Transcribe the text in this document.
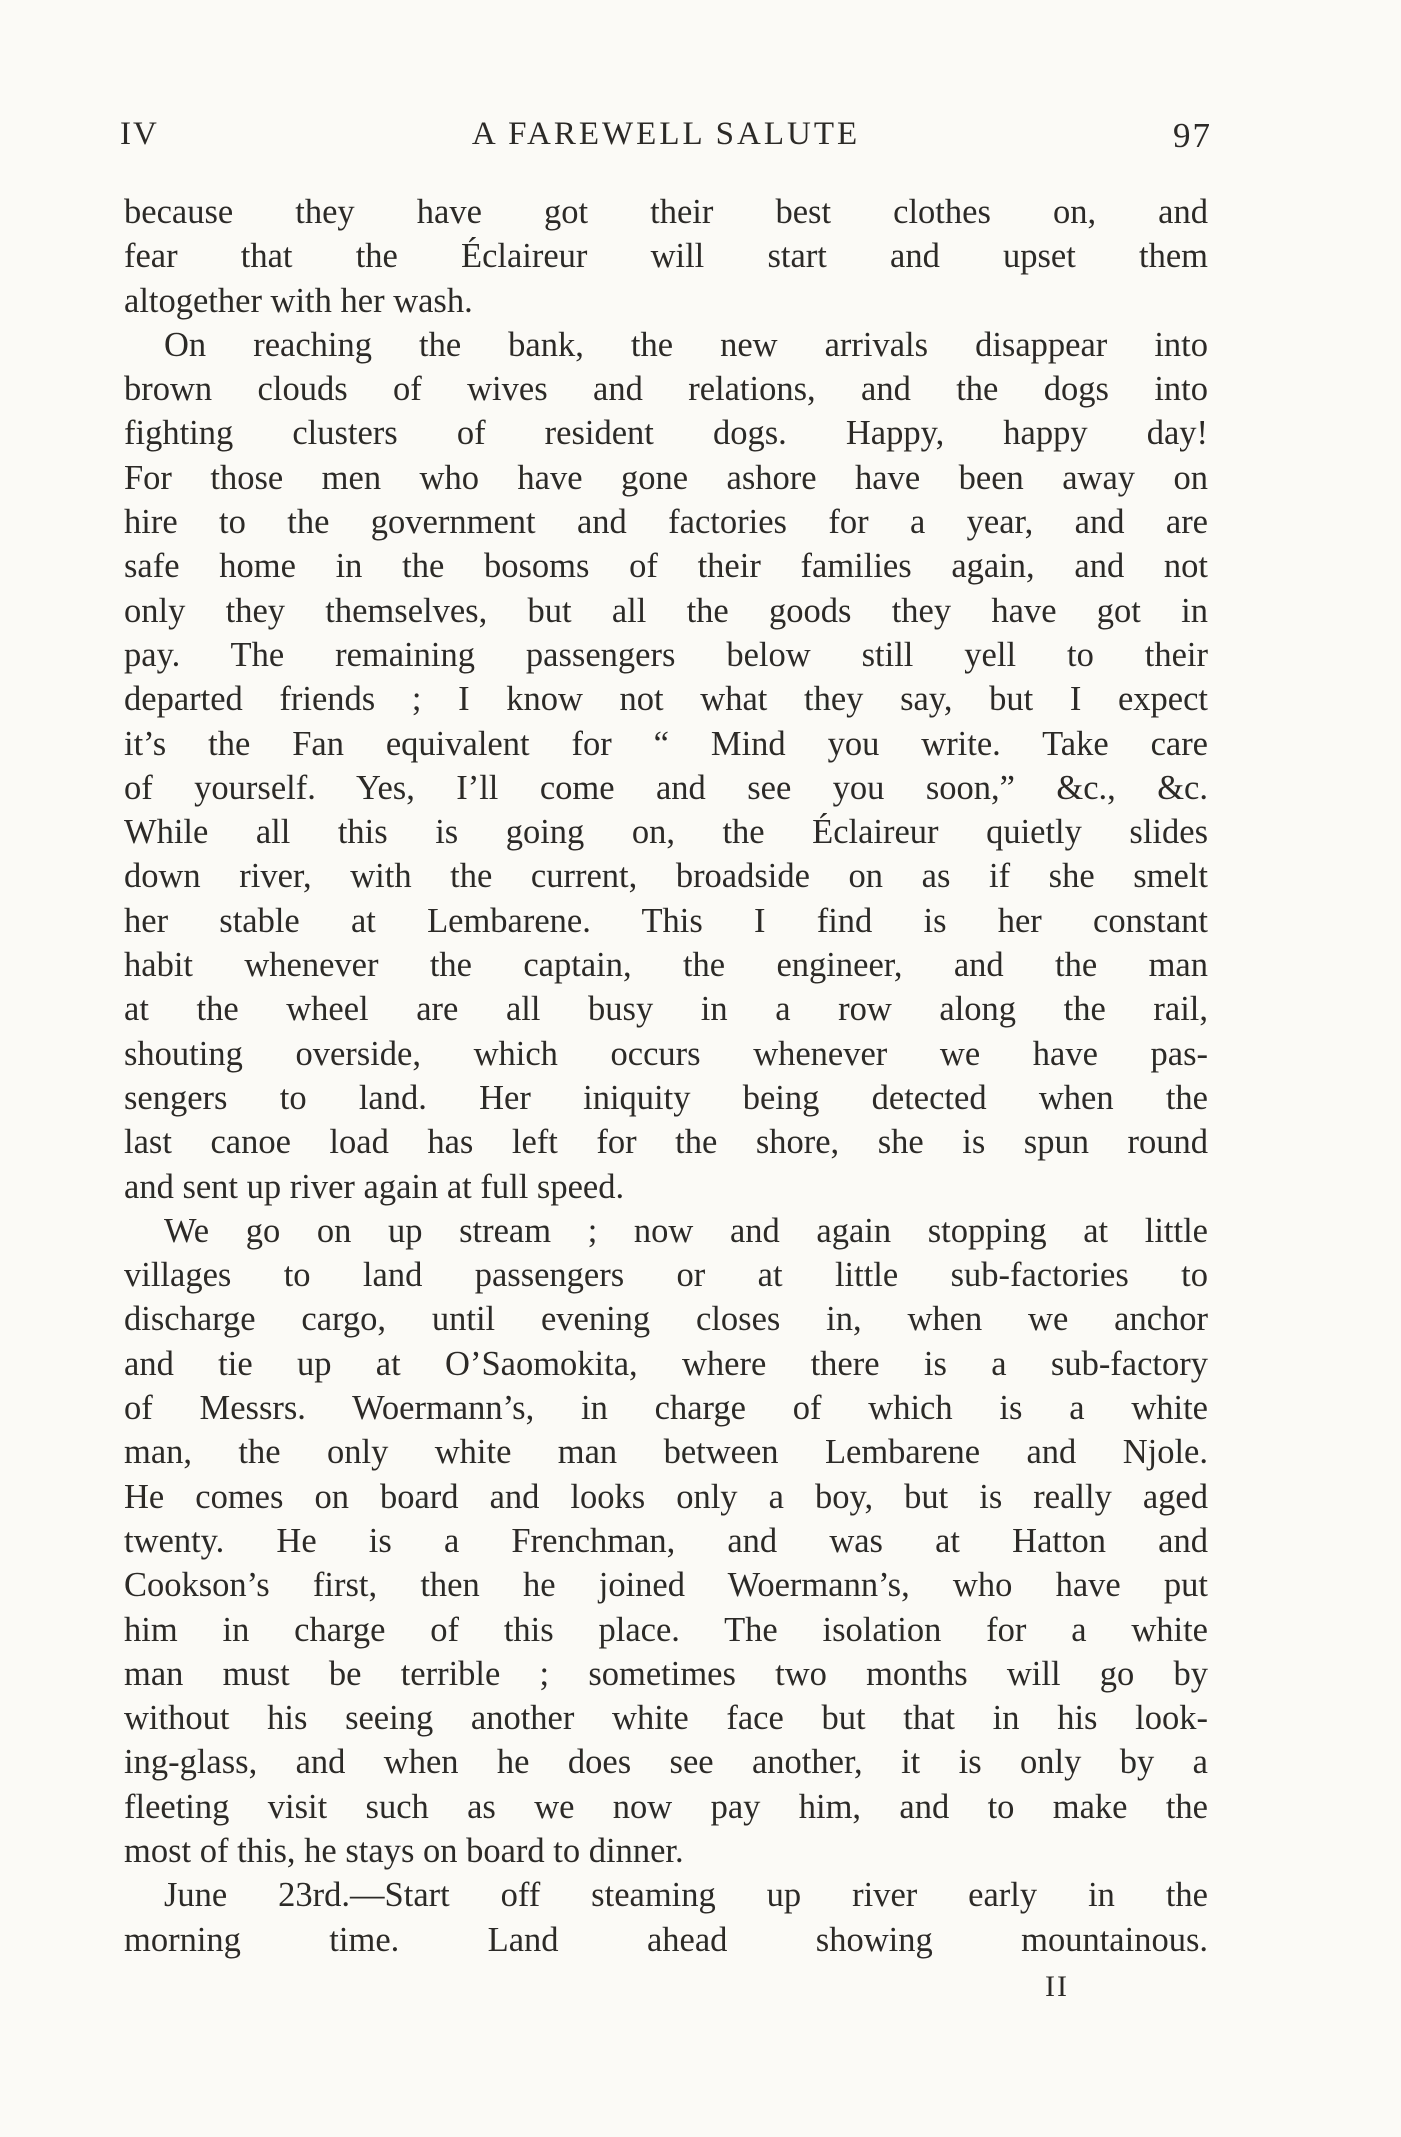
IV	A FAREWELL SALUTE	97
because they have got their best clothes on, and
fear that the Éclaireur will start and upset them
altogether with her wash.
On reaching the bank, the new arrivals disappear into
brown clouds of wives and relations, and the dogs into
fighting clusters of resident dogs. Happy, happy day!
For those men who have gone ashore have been away on
hire to the government and factories for a year, and are
safe home in the bosoms of their families again, and not
only they themselves, but all the goods they have got in
pay. The remaining passengers below still yell to their
departed friends ; I know not what they say, but I expect
it’s the Fan equivalent for “ Mind you write. Take care
of yourself. Yes, I’ll come and see you soon,” &c., &c.
While all this is going on, the Éclaireur quietly slides
down river, with the current, broadside on as if she smelt
her stable at Lembarene. This I find is her constant
habit whenever the captain, the engineer, and the man
at the wheel are all busy in a row along the rail,
shouting overside, which occurs whenever we have pas-
sengers to land. Her iniquity being detected when the
last canoe load has left for the shore, she is spun round
and sent up river again at full speed.
We go on up stream ; now and again stopping at little
villages to land passengers or at little sub-factories to
discharge cargo, until evening closes in, when we anchor
and tie up at O’Saomokita, where there is a sub-factory
of Messrs. Woermann’s, in charge of which is a white
man, the only white man between Lembarene and Njole.
He comes on board and looks only a boy, but is really aged
twenty. He is a Frenchman, and was at Hatton and
Cookson’s first, then he joined Woermann’s, who have put
him in charge of this place. The isolation for a white
man must be terrible ; sometimes two months will go by
without his seeing another white face but that in his look-
ing-glass, and when he does see another, it is only by a
fleeting visit such as we now pay him, and to make the
most of this, he stays on board to dinner.
June 23rd.—Start off steaming up river early in the
morning time. Land ahead showing mountainous.
II
